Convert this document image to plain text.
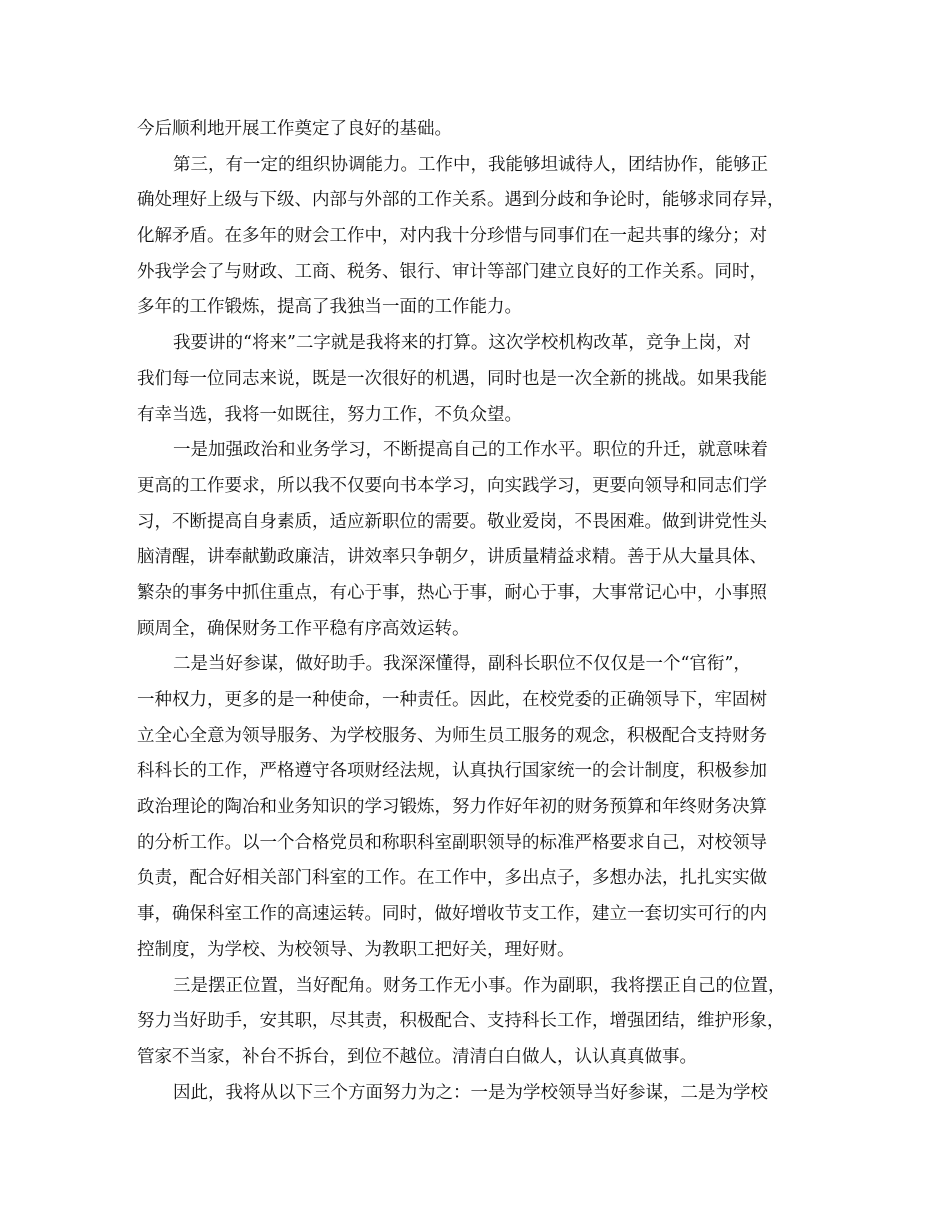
今后顺利地开展工作奠定了良好的基础。
第三，有一定的组织协调能力。工作中，我能够坦诚待人，团结协作，能够正
确处理好上级与下级、内部与外部的工作关系。遇到分歧和争论时，能够求同存异，
化解矛盾。在多年的财会工作中，对内我十分珍惜与同事们在一起共事的缘分；对
外我学会了与财政、工商、税务、银行、审计等部门建立良好的工作关系。同时，
多年的工作锻炼，提高了我独当一面的工作能力。
我要讲的“将来”二字就是我将来的打算。这次学校机构改革，竞争上岗，对
我们每一位同志来说，既是一次很好的机遇，同时也是一次全新的挑战。如果我能
有幸当选，我将一如既往，努力工作，不负众望。
一是加强政治和业务学习，不断提高自己的工作水平。职位的升迁，就意味着
更高的工作要求，所以我不仅要向书本学习，向实践学习，更要向领导和同志们学
习，不断提高自身素质，适应新职位的需要。敬业爱岗，不畏困难。做到讲党性头
脑清醒，讲奉献勤政廉洁，讲效率只争朝夕，讲质量精益求精。善于从大量具体、
繁杂的事务中抓住重点，有心于事，热心于事，耐心于事，大事常记心中，小事照
顾周全，确保财务工作平稳有序高效运转。
二是当好参谋，做好助手。我深深懂得，副科长职位不仅仅是一个“官衔”，
一种权力，更多的是一种使命，一种责任。因此，在校党委的正确领导下，牢固树
立全心全意为领导服务、为学校服务、为师生员工服务的观念，积极配合支持财务
科科长的工作，严格遵守各项财经法规，认真执行国家统一的会计制度，积极参加
政治理论的陶冶和业务知识的学习锻炼，努力作好年初的财务预算和年终财务决算
的分析工作。以一个合格党员和称职科室副职领导的标准严格要求自己，对校领导
负责，配合好相关部门科室的工作。在工作中，多出点子，多想办法，扎扎实实做
事，确保科室工作的高速运转。同时，做好增收节支工作，建立一套切实可行的内
控制度，为学校、为校领导、为教职工把好关，理好财。
三是摆正位置，当好配角。财务工作无小事。作为副职，我将摆正自己的位置，
努力当好助手，安其职，尽其责，积极配合、支持科长工作，增强团结，维护形象，
管家不当家，补台不拆台，到位不越位。清清白白做人，认认真真做事。
因此，我将从以下三个方面努力为之：一是为学校领导当好参谋，二是为学校
